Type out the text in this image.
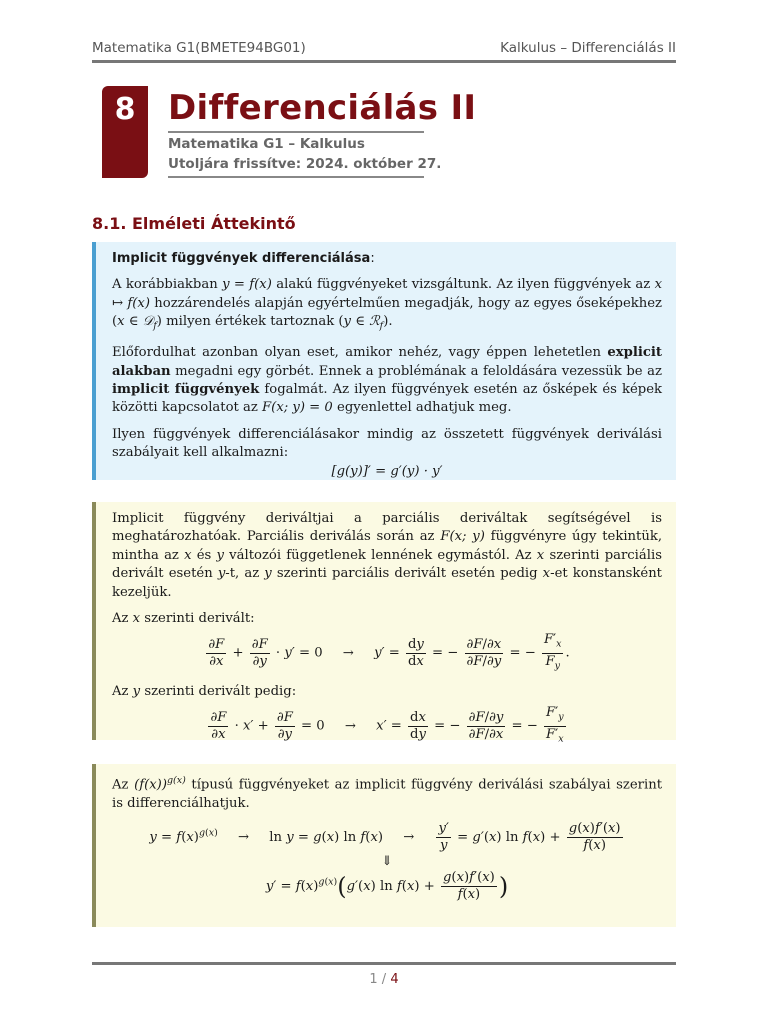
Matematika G1(BMETE94BG01)	Kalkulus – Differenciálás II
8 Differenciálás II
Matematika G1 – Kalkulus
Utoljára frissítve: 2024. október 27.
8.1. Elméleti Áttekintő

Implicit függvények differenciálása:

A korábbiakban y = f(x) alakú függvényeket vizsgáltunk. Az ilyen függvények az x ↦ f(x) hozzárendelés alapján egyértelműen megadják, hogy az egyes őseképekhez (x ∈ 𝒟$_f$) milyen értékek tartoznak (y ∈ ℛ$_f$).

Előfordulhat azonban olyan eset, amikor nehéz, vagy éppen lehetetlen explicit alakban megadni egy görbét. Ennek a problémának a feloldására vezessük be az implicit függvények fogalmát. Az ilyen függvények esetén az ősképek és képek közötti kapcsolatot az F(x; y) = 0 egyenlettel adhatjuk meg.

Ilyen függvények differenciálásakor mindig az összetett függvények deriválási szabályait kell alkalmazni:

[g(y)]′ = g′(y) · y′

Implicit függvény deriváltjai a parciális deriváltak segítségével is meghatározhatóak. Parciális deriválás során az F(x; y) függvényre úgy tekintük, mintha az x és y változói függetlenek lennének egymástól. Az x szerinti parciális derivált esetén y-t, az y szerinti parciális derivált esetén pedig x-et konstansként kezeljük.

Az x szerinti derivált:

$\frac{\partial F}{\partial x} + \frac{\partial F}{\partial y} \cdot y' = 0 \to y' = \frac{dy}{dx}$ = − $\frac{\partial F/\partial x}{\partial F/\partial y}$ = − $\frac{F'_x}{F_y}$ .

Az y szerinti derivált pedig:

$\frac{\partial F}{\partial x} \cdot x' + \frac{\partial F}{\partial y} = 0 \to x' = \frac{dx}{dy}$ = − $\frac{\partial F/\partial y}{\partial F/\partial x}$ = − $\frac{F'_y}{F'_x}$

Az $(f(x))^{g(x)}$ típusú függvényeket az implicit függvény deriválási szabályai szerint is differenciálhatjuk.

$y = f(x)^{g(x)} \to \ln y = g(x)$ $\ln f(x) \to \frac{y'}{y} = g'(x)$ $\ln f(x) + \frac{g(x)f'(x)}{f(x)}$
⇓
$y' = f(x)^{g(x)}(g'(x)$ $\ln f(x) + \frac{g(x)f'(x)}{f(x)}$ )
1 / 4
